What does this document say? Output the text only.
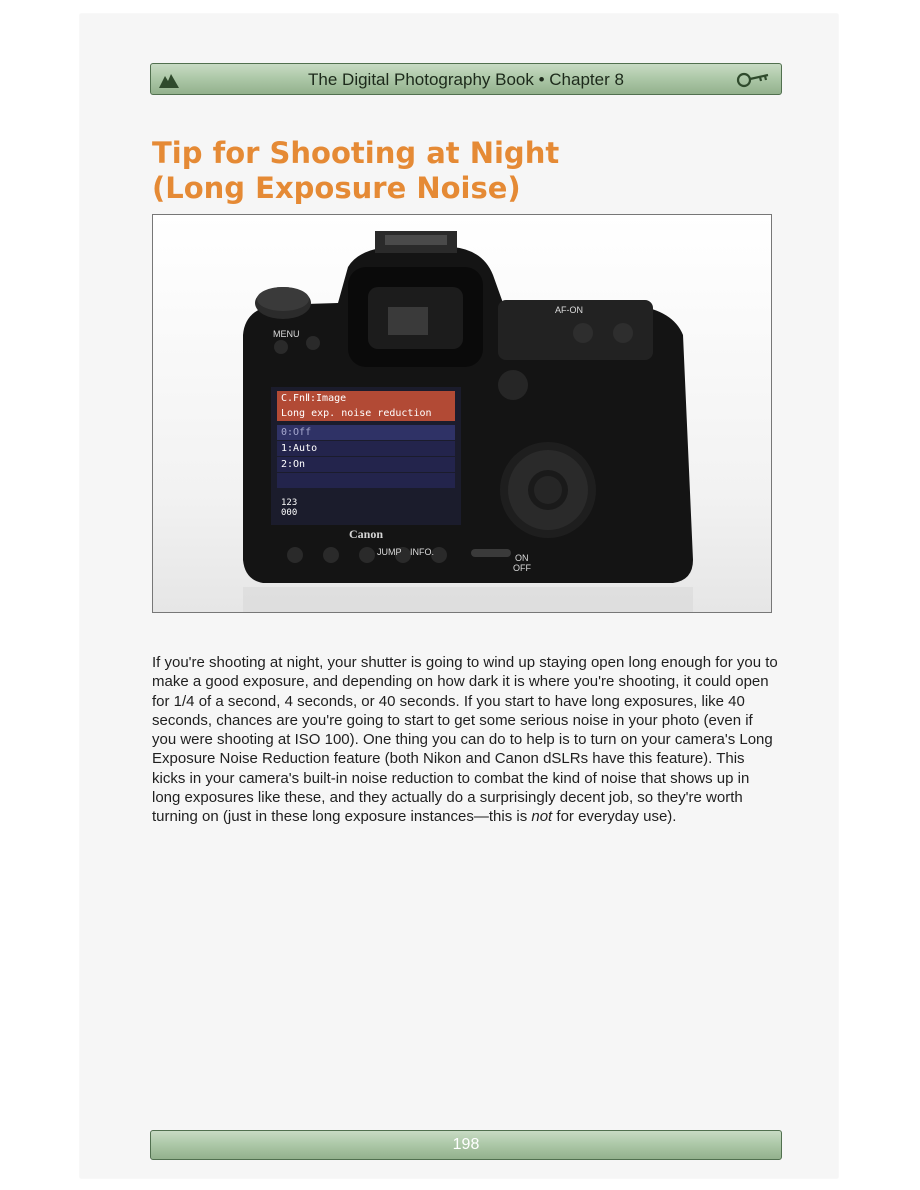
The Digital Photography Book • Chapter 8

Tip for Shooting at Night
(Long Exposure Noise)
C.FnⅡ:Image
Long exp. noise reduction
0:Off
1:Auto
2:On
123
000
Canon
MENU
AF-ON
JUMP INFO.
ON
OFF

If you're shooting at night, your shutter is going to wind up staying open long enough for you to make a good exposure, and depending on how dark it is where you're shooting, it could open for 1/4 of a second, 4 seconds, or 40 seconds. If you start to have long exposures, like 40 seconds, chances are you're going to start to get some serious noise in your photo (even if you were shooting at ISO 100). One thing you can do to help is to turn on your camera's Long Exposure Noise Reduction feature (both Nikon and Canon dSLRs have this feature). This kicks in your camera's built-in noise reduction to combat the kind of noise that shows up in long exposures like these, and they actually do a surprisingly decent job, so they're worth turning on (just in these long exposure instances—this is not for everyday use).

198
